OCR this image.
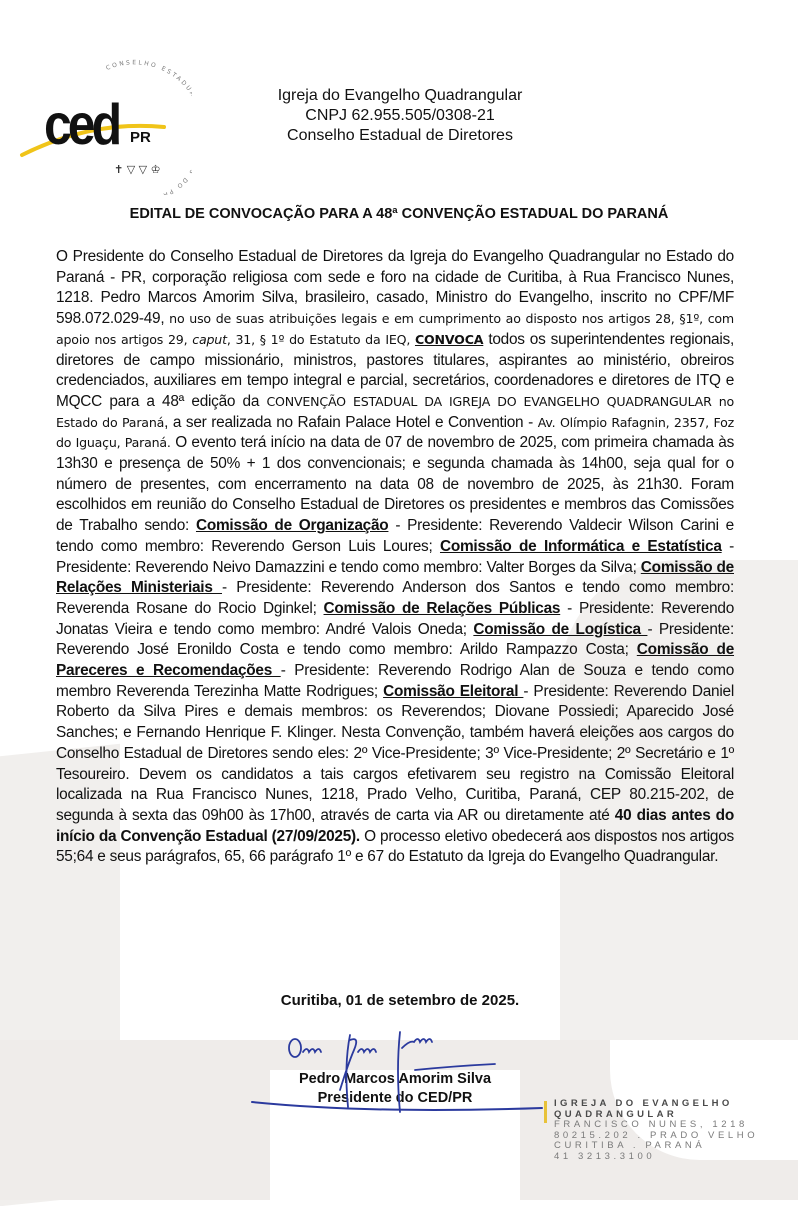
CONSELHO ESTAD DO PA
ced PR
✝ ▽ ▽ ♔
Igreja do Evangelho Quadrangular
CNPJ 62.955.505/0308-21
Conselho Estadual de Diretores
EDITAL DE CONVOCAÇÃO PARA A 48ª CONVENÇÃO ESTADUAL DO PARANÁ
O Presidente do Conselho Estadual de Diretores da Igreja do Evangelho Quadrangular no Estado do Paraná - PR, corporação religiosa com sede e foro na cidade de Curitiba, à Rua Francisco Nunes, 1218. Pedro Marcos Amorim Silva, brasileiro, casado, Ministro do Evangelho, inscrito no CPF/MF 598.072.029-49, no uso de suas atribuições legais e em cumprimento ao disposto nos artigos 28, §1º, com apoio nos artigos 29, caput, 31, § 1º do Estatuto da IEQ, CONVOCA todos os superintendentes regionais, diretores de campo missionário, ministros, pastores titulares, aspirantes ao ministério, obreiros credenciados, auxiliares em tempo integral e parcial, secretários, coordenadores e diretores de ITQ e MQCC para a 48ª edição da CONVENÇÃO ESTADUAL DA IGREJA DO EVANGELHO QUADRANGULAR no Estado do Paraná, a ser realizada no Rafain Palace Hotel e Convention - Av. Olímpio Rafagnin, 2357, Foz do Iguaçu, Paraná. O evento terá início na data de 07 de novembro de 2025, com primeira chamada às 13h30 e presença de 50% + 1 dos convencionais; e segunda chamada às 14h00, seja qual for o número de presentes, com encerramento na data 08 de novembro de 2025, às 21h30. Foram escolhidos em reunião do Conselho Estadual de Diretores os presidentes e membros das Comissões de Trabalho sendo: Comissão de Organização - Presidente: Reverendo Valdecir Wilson Carini e tendo como membro: Reverendo Gerson Luis Loures; Comissão de Informática e Estatística - Presidente: Reverendo Neivo Damazzini e tendo como membro: Valter Borges da Silva; Comissão de Relações Ministeriais - Presidente: Reverendo Anderson dos Santos e tendo como membro: Reverenda Rosane do Rocio Dginkel; Comissão de Relações Públicas - Presidente: Reverendo Jonatas Vieira e tendo como membro: André Valois Oneda; Comissão de Logística - Presidente: Reverendo José Eronildo Costa e tendo como membro: Arildo Rampazzo Costa; Comissão de Pareceres e Recomendações - Presidente: Reverendo Rodrigo Alan de Souza e tendo como membro Reverenda Terezinha Matte Rodrigues; Comissão Eleitoral - Presidente: Reverendo Daniel Roberto da Silva Pires e demais membros: os Reverendos; Diovane Possiedi; Aparecido José Sanches; e Fernando Henrique F. Klinger. Nesta Convenção, também haverá eleições aos cargos do Conselho Estadual de Diretores sendo eles: 2º Vice-Presidente; 3º Vice-Presidente; 2º Secretário e 1º Tesoureiro. Devem os candidatos a tais cargos efetivarem seu registro na Comissão Eleitoral localizada na Rua Francisco Nunes, 1218, Prado Velho, Curitiba, Paraná, CEP 80.215-202, de segunda à sexta das 09h00 às 17h00, através de carta via AR ou diretamente até 40 dias antes do início da Convenção Estadual (27/09/2025). O processo eletivo obedecerá aos dispostos nos artigos 55;64 e seus parágrafos, 65, 66 parágrafo 1º e 67 do Estatuto da Igreja do Evangelho Quadrangular.
Curitiba, 01 de setembro de 2025.
Pedro Marcos Amorim Silva
Presidente do CED/PR	IGREJA DO EVANGELHO
QUADRANGULAR
FRANCISCO NUNES, 1218
80215.202 . PRADO VELHO
CURITIBA . PARANÁ
41 3213.3100
